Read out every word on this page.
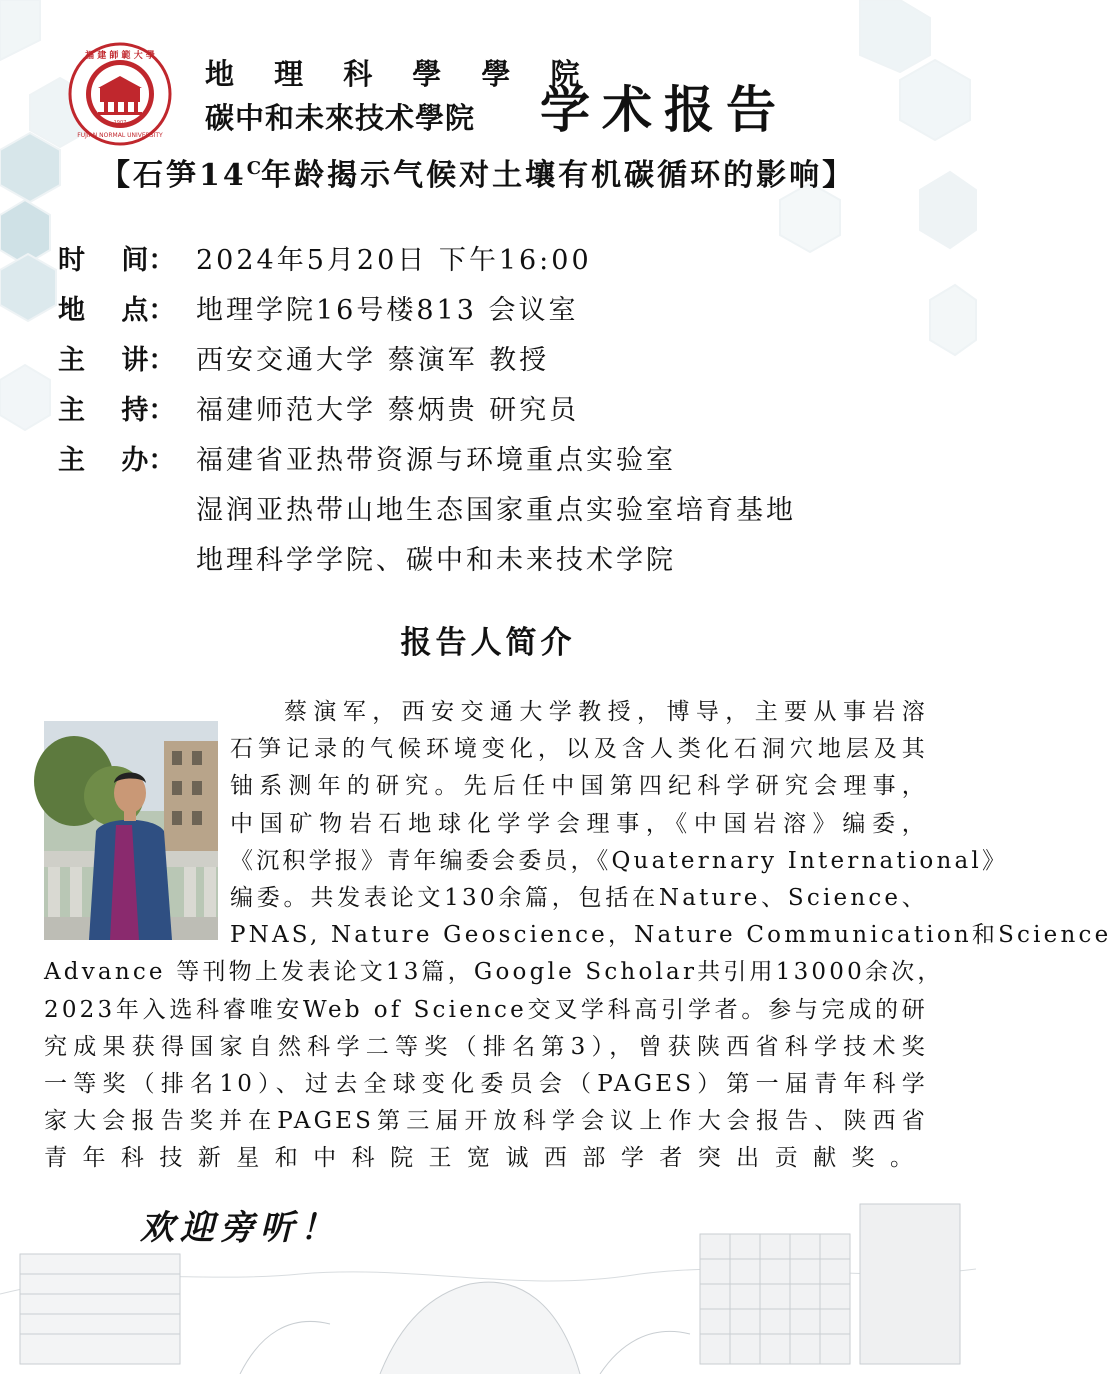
福 建 師 範 大 學
FUJIAN NORMAL UNIVERSITY
1907
地 理 科 學 學 院
碳中和未來技术學院	学术报告
【石笋$14^C$年龄揭示气候对土壤有机碳循环的影响】
时　 间： 2024年5月20日 下午16:00
地　 点： 地理学院16号楼813 会议室
主　 讲： 西安交通大学 蔡演军 教授
主　 持： 福建师范大学 蔡炳贵 研究员
主　 办： 福建省亚热带资源与环境重点实验室
湿润亚热带山地生态国家重点实验室培育基地
地理科学学院、碳中和未来技术学院
报告人简介
蔡演军，西安交通大学教授，博导，主要从事岩溶
石笋记录的气候环境变化，以及含人类化石洞穴地层及其
铀系测年的研究。先后任中国第四纪科学研究会理事，
中国矿物岩石地球化学学会理事，《中国岩溶》编委，
《沉积学报》青年编委会委员，《Quaternary International》
编委。共发表论文130余篇，包括在Nature、Science、
PNAS, Nature Geoscience，Nature Communication和Science
Advance 等刊物上发表论文13篇，Google Scholar共引用13000余次，
2023年入选科睿唯安Web of Science交叉学科高引学者。参与完成的研
究成果获得国家自然科学二等奖（排名第3），曾获陕西省科学技术奖
一等奖（排名10）、过去全球变化委员会（PAGES）第一届青年科学
家大会报告奖并在PAGES第三届开放科学会议上作大会报告、陕西省
青年科技新星和中科院王宽诚西部学者突出贡献奖。
欢迎旁听！
